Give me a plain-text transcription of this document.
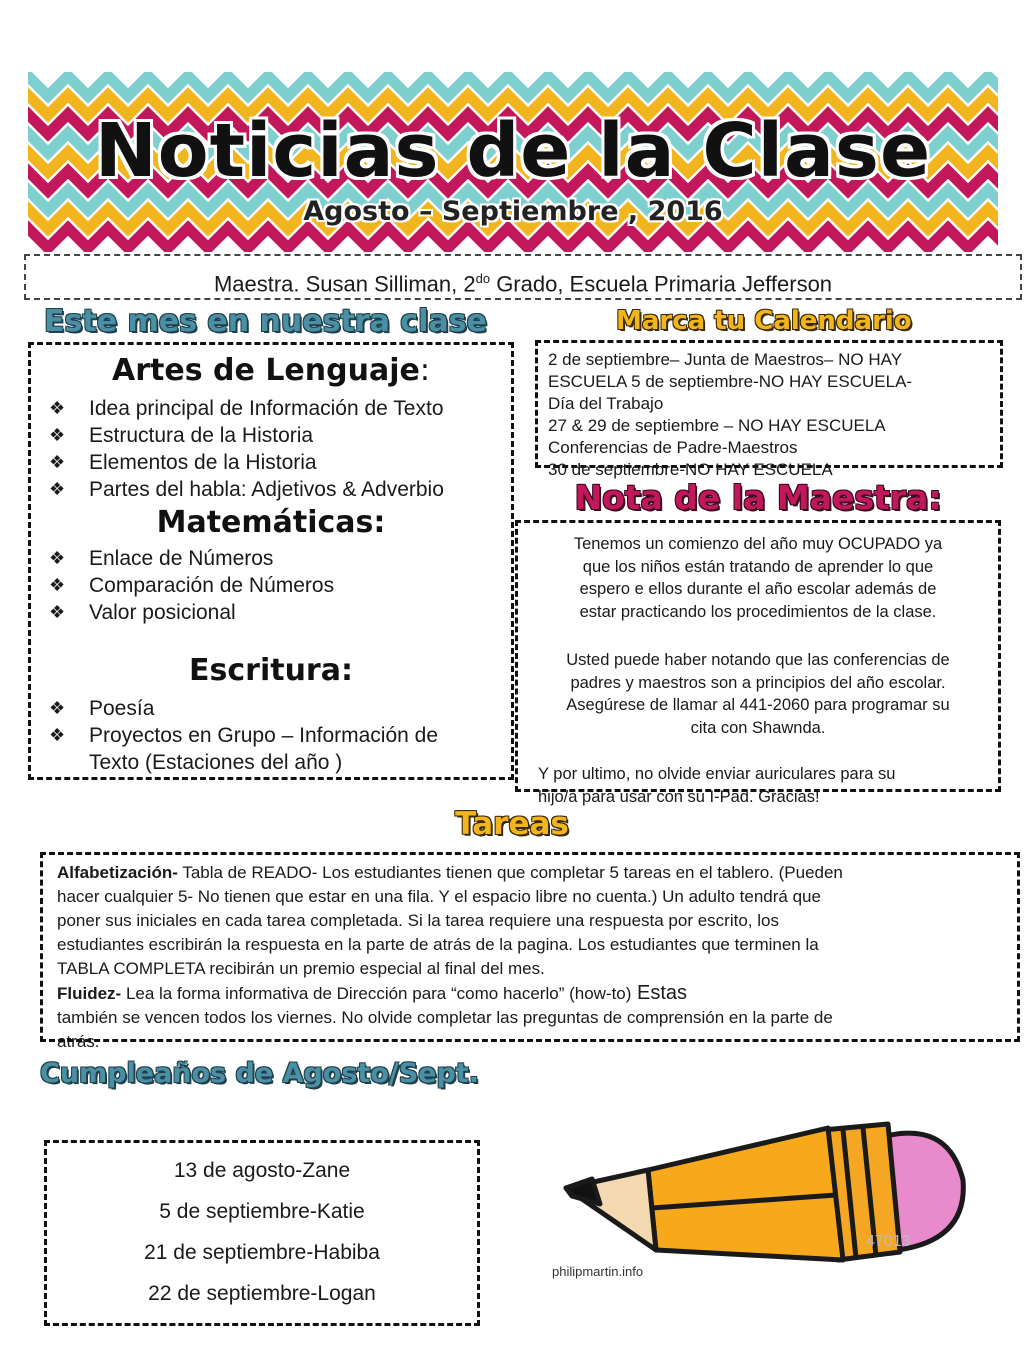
Noticias de la Clase
Agosto – Septiembre , 2016
Maestra. Susan Silliman, $2^{do}$ Grado, Escuela Primaria Jefferson
Este mes en nuestra clase
Artes de Lenguaje:
❖ Idea principal de Información de Texto
❖ Estructura de la Historia
❖ Elementos de la Historia
❖ Partes del habla: Adjetivos & Adverbio
Matemáticas:
❖ Enlace de Números
❖ Comparación de Números
❖ Valor posicional
Escritura:
❖ Poesía
❖ Proyectos en Grupo – Información de
Texto (Estaciones del año )
Marca tu Calendario
2 de septiembre– Junta de Maestros– NO HAY
ESCUELA 5 de septiembre-NO HAY ESCUELA-
Día del Trabajo
27 & 29 de septiembre – NO HAY ESCUELA
Conferencias de Padre-Maestros
30 de septiembre-NO HAY ESCUELA
Nota de la Maestra:
Tenemos un comienzo del año muy OCUPADO ya
que los niños están tratando de aprender lo que
espero e ellos durante el año escolar además de
estar practicando los procedimientos de la clase.
Usted puede haber notando que las conferencias de
padres y maestros son a principios del año escolar.
Asegúrese de llamar al 441-2060 para programar su
cita con Shawnda.
Y por ultimo, no olvide enviar auriculares para su
hijo/a para usar con su I-Pad. Gracias!
Tareas
Alfabetización- Tabla de READO- Los estudiantes tienen que completar 5 tareas en el tablero. (Pueden
hacer cualquier 5- No tienen que estar en una fila. Y el espacio libre no cuenta.) Un adulto tendrá que
poner sus iniciales en cada tarea completada. Si la tarea requiere una respuesta por escrito, los
estudiantes escribirán la respuesta en la parte de atrás de la pagina. Los estudiantes que terminen la
TABLA COMPLETA recibirán un premio especial al final del mes.
Fluidez- Lea la forma informativa de Dirección para “como hacerlo” (how-to) Estas
también se vencen todos los viernes. No olvide completar las preguntas de comprensión en la parte de
atrás.
Cumpleaños de Agosto/Sept.
13 de agosto-Zane
5 de septiembre-Katie
21 de septiembre-Habiba
22 de septiembre-Logan
philipmartin.info
47013
